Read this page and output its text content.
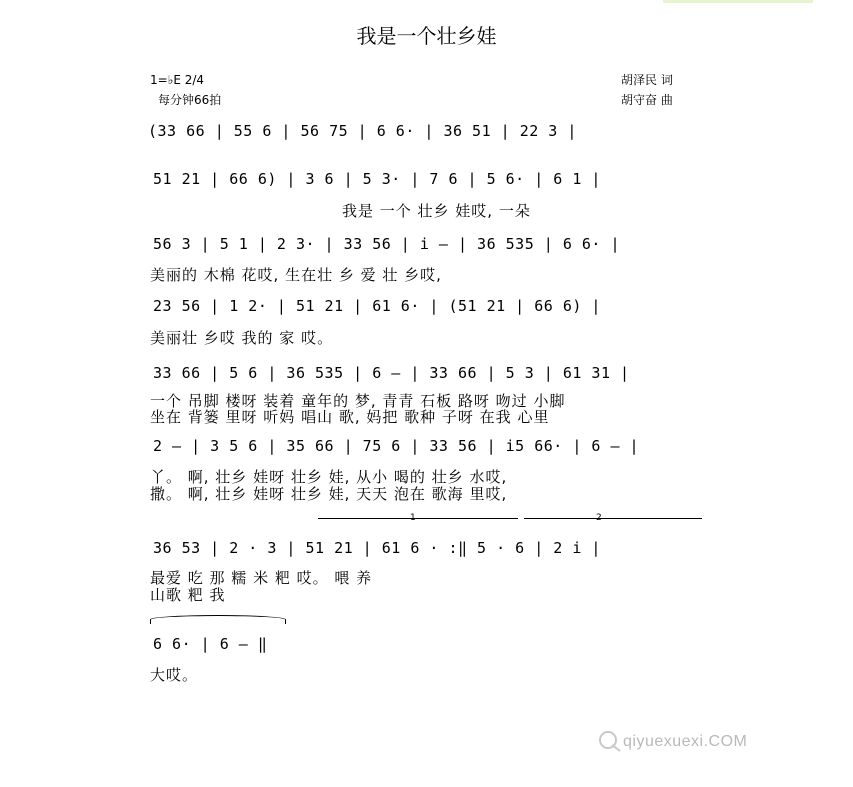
我是一个壮乡娃
1=♭E 2/4
每分钟66拍
胡泽民 词
胡守奋 曲
(33 66 | 55 6 | 56 75 | 6 6· | 36 51 | 22 3 |
51 21 | 66 6) | 3 6 | 5 3· | 7 6 | 5 6· | 6 1 |
我是 一个 壮乡 娃哎, 一朵
56 3 | 5 1 | 2 3· | 33 56 | i — | 36 535 | 6 6· |
美丽的 木棉 花哎, 生在壮 乡 爱 壮 乡哎,
23 56 | 1 2· | 51 21 | 61 6· | (51 21 | 66 6) |
美丽壮 乡哎 我的 家 哎。
33 66 | 5 6 | 36 535 | 6 — | 33 66 | 5 3 | 61 31 |
一个 吊脚 楼呀 装着 童年的 梦, 青青 石板 路呀 吻过 小脚
坐在 背篓 里呀 听妈 唱山 歌, 妈把 歌种 子呀 在我 心里
2 — | 3 5 6 | 35 66 | 75 6 | 33 56 | i5 66· | 6 — |
丫。 啊, 壮乡 娃呀 壮乡 娃, 从小 喝的 壮乡 水哎,
撒。 啊, 壮乡 娃呀 壮乡 娃, 天天 泡在 歌海 里哎,
1	2
36 53 | 2 · 3 | 51 21 | 61 6 · :‖ 5 · 6 | 2 i |
最爱 吃 那 糯 米 粑 哎。 喂 养
山歌 粑 我
6 6· | 6 — ‖
大哎。
qiyuexuexi.COM
